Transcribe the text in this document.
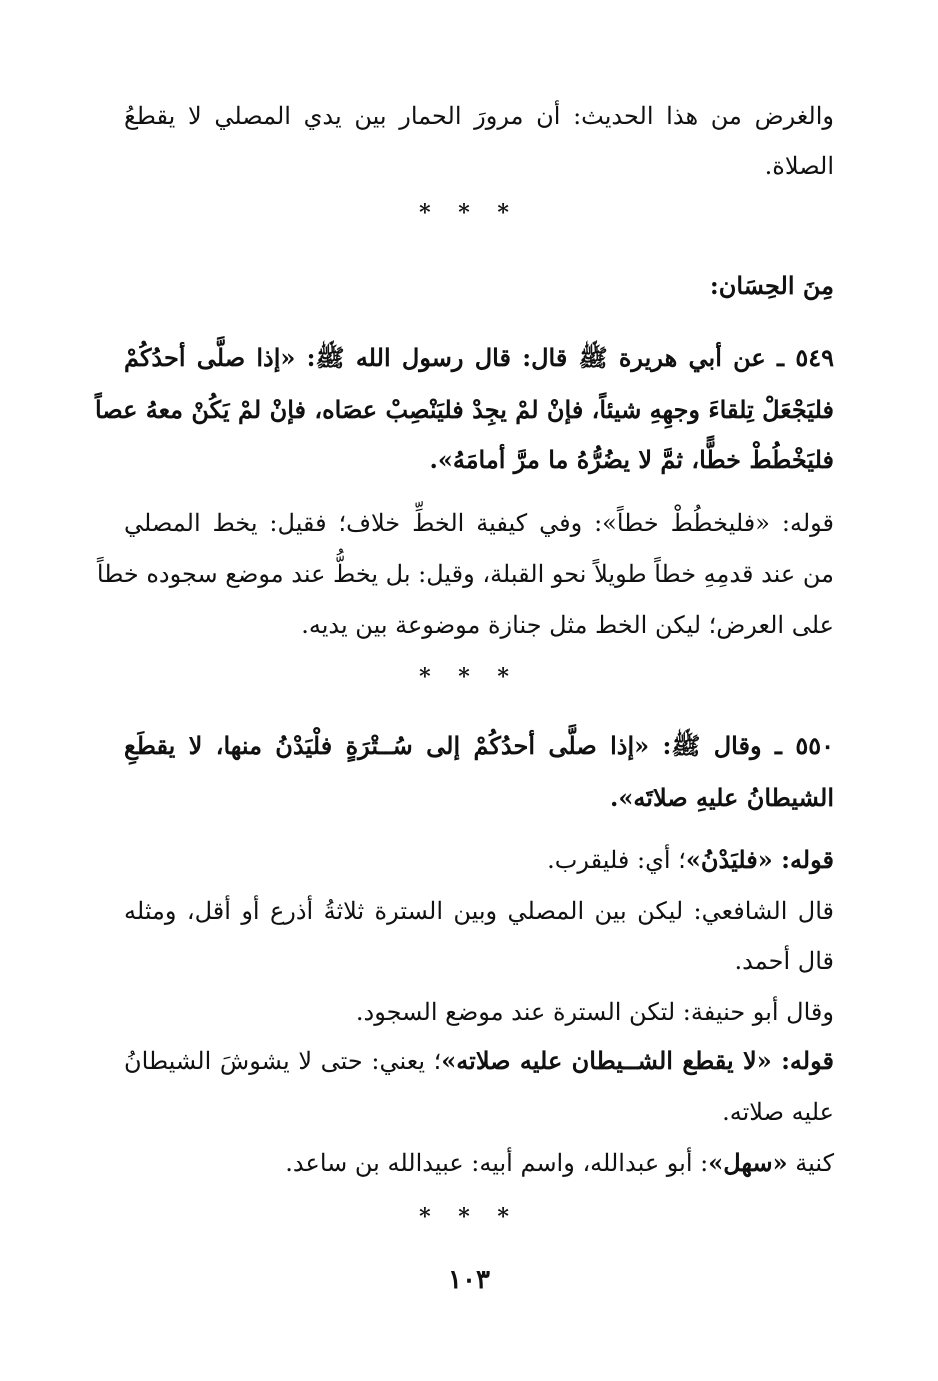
والغرض من هذا الحديث: أن مرورَ الحمار بين يدي المصلي لا يقطعُ
الصلاة.
* * *
مِنَ الحِسَان:
٥٤٩ ـ عن أبي هريرة ﷺ قال: قال رسول الله ﷺ: «إذا صلَّى أحدُكُمْ
فليَجْعَلْ تِلقاءَ وجهِهِ شيئاً، فإنْ لمْ يجِدْ فليَنْصِبْ عصَاه، فإنْ لمْ يَكُنْ معهُ عصاً
فليَخْطُطْ خطًّا، ثمَّ لا يضُرُّهُ ما مرَّ أمامَهُ».
قوله: «فليخطُطْ خطاً»: وفي كيفية الخطِّ خلاف؛ فقيل: يخط المصلي
من عند قدمِهِ خطاً طويلاً نحو القبلة، وقيل: بل يخطُّ عند موضع سجوده خطاً
على العرض؛ ليكن الخط مثل جنازة موضوعة بين يديه.
* * *
٥٥٠ ـ وقال ﷺ: «إذا صلَّى أحدُكُمْ إلى سُــتْرَةٍ فلْيَدْنُ منها، لا يقطَعِ
الشيطانُ عليهِ صلاتَه».
قوله: «فليَدْنُ»؛ أي: فليقرب.
قال الشافعي: ليكن بين المصلي وبين السترة ثلاثةُ أذرع أو أقل، ومثله
قال أحمد.
وقال أبو حنيفة: لتكن السترة عند موضع السجود.
قوله: «لا يقطع الشــيطان عليه صلاته»؛ يعني: حتى لا يشوشَ الشيطانُ
عليه صلاته.
كنية «سهل»: أبو عبدالله، واسم أبيه: عبيدالله بن ساعد.
* * *
١٠٣
